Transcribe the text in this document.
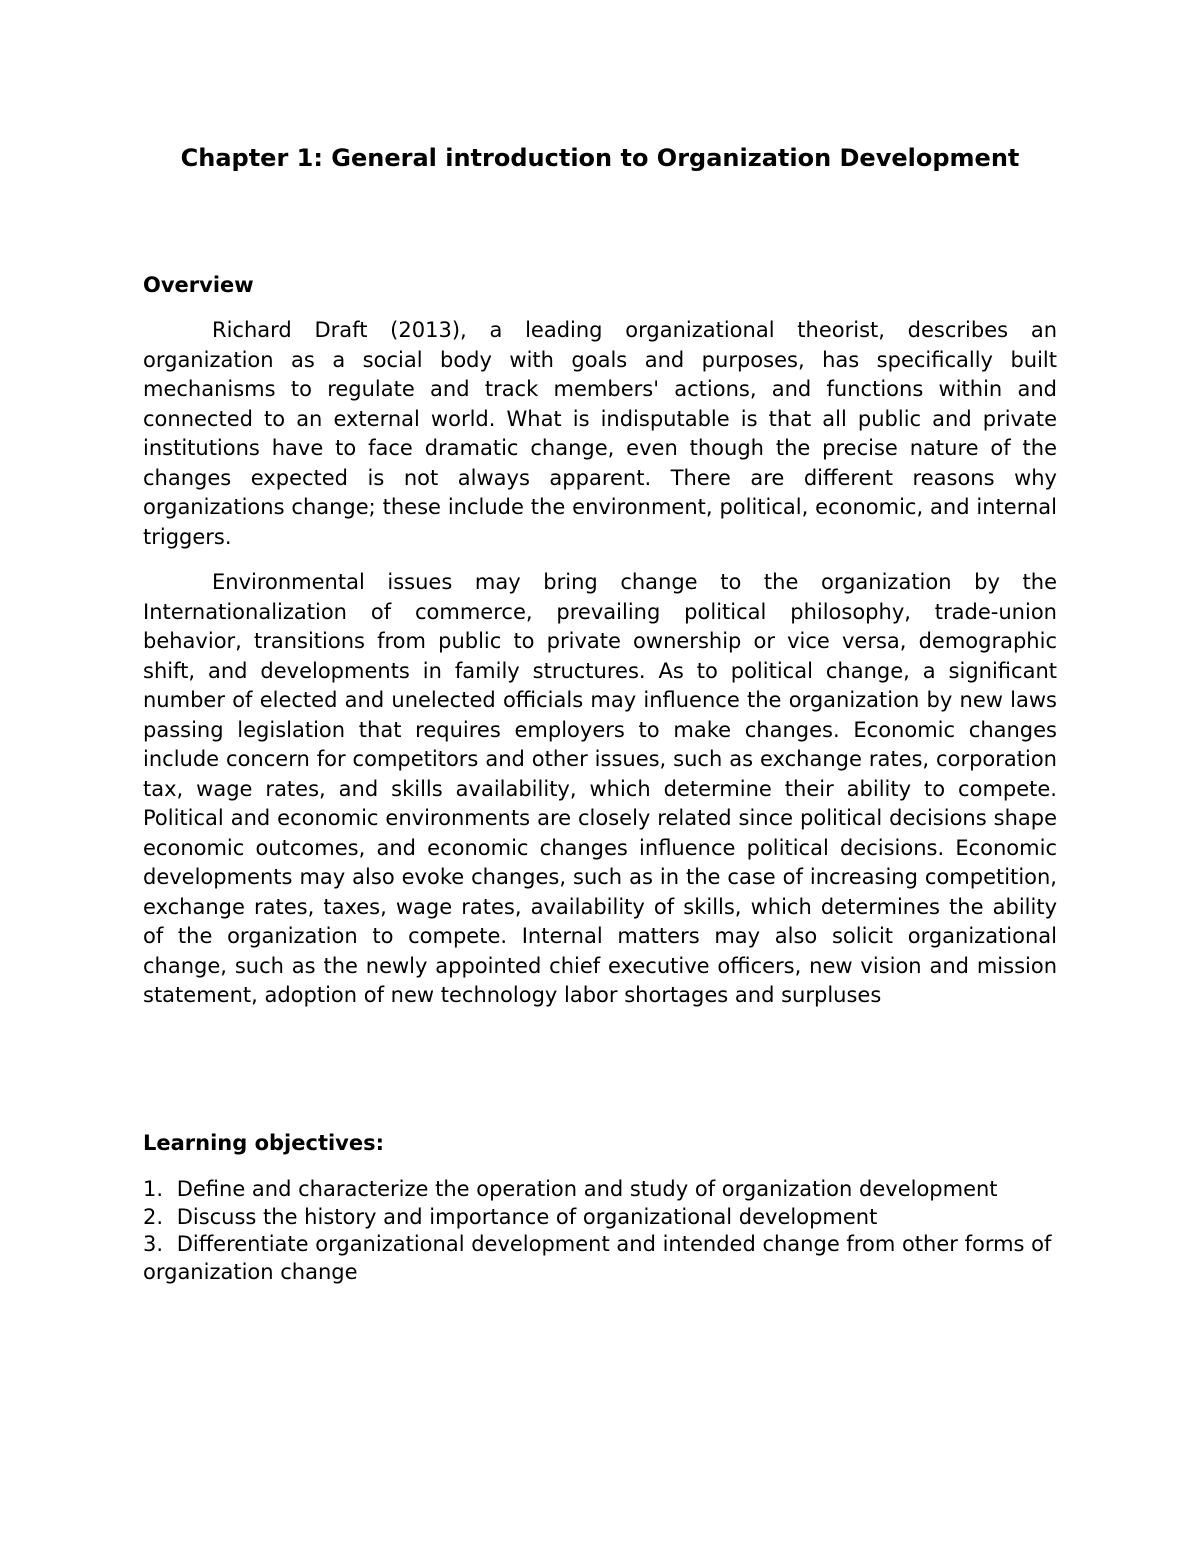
Chapter 1: General introduction to Organization Development
Overview

Richard Draft (2013), a leading organizational theorist, describes an organization as a social body with goals and purposes, has specifically built mechanisms to regulate and track members' actions, and functions within and connected to an external world. What is indisputable is that all public and private institutions have to face dramatic change, even though the precise nature of the changes expected is not always apparent. There are different reasons why organizations change; these include the environment, political, economic, and internal triggers.

Environmental issues may bring change to the organization by the Internationalization of commerce, prevailing political philosophy, trade-union behavior, transitions from public to private ownership or vice versa, demographic shift, and developments in family structures. As to political change, a significant number of elected and unelected officials may influence the organization by new laws passing legislation that requires employers to make changes. Economic changes include concern for competitors and other issues, such as exchange rates, corporation tax, wage rates, and skills availability, which determine their ability to compete. Political and economic environments are closely related since political decisions shape economic outcomes, and economic changes influence political decisions. Economic developments may also evoke changes, such as in the case of increasing competition, exchange rates, taxes, wage rates, availability of skills, which determines the ability of the organization to compete. Internal matters may also solicit organizational change, such as the newly appointed chief executive officers, new vision and mission statement, adoption of new technology labor shortages and surpluses

Learning objectives:
1. Define and characterize the operation and study of organization development
2. Discuss the history and importance of organizational development
3. Differentiate organizational development and intended change from other forms of organization change
